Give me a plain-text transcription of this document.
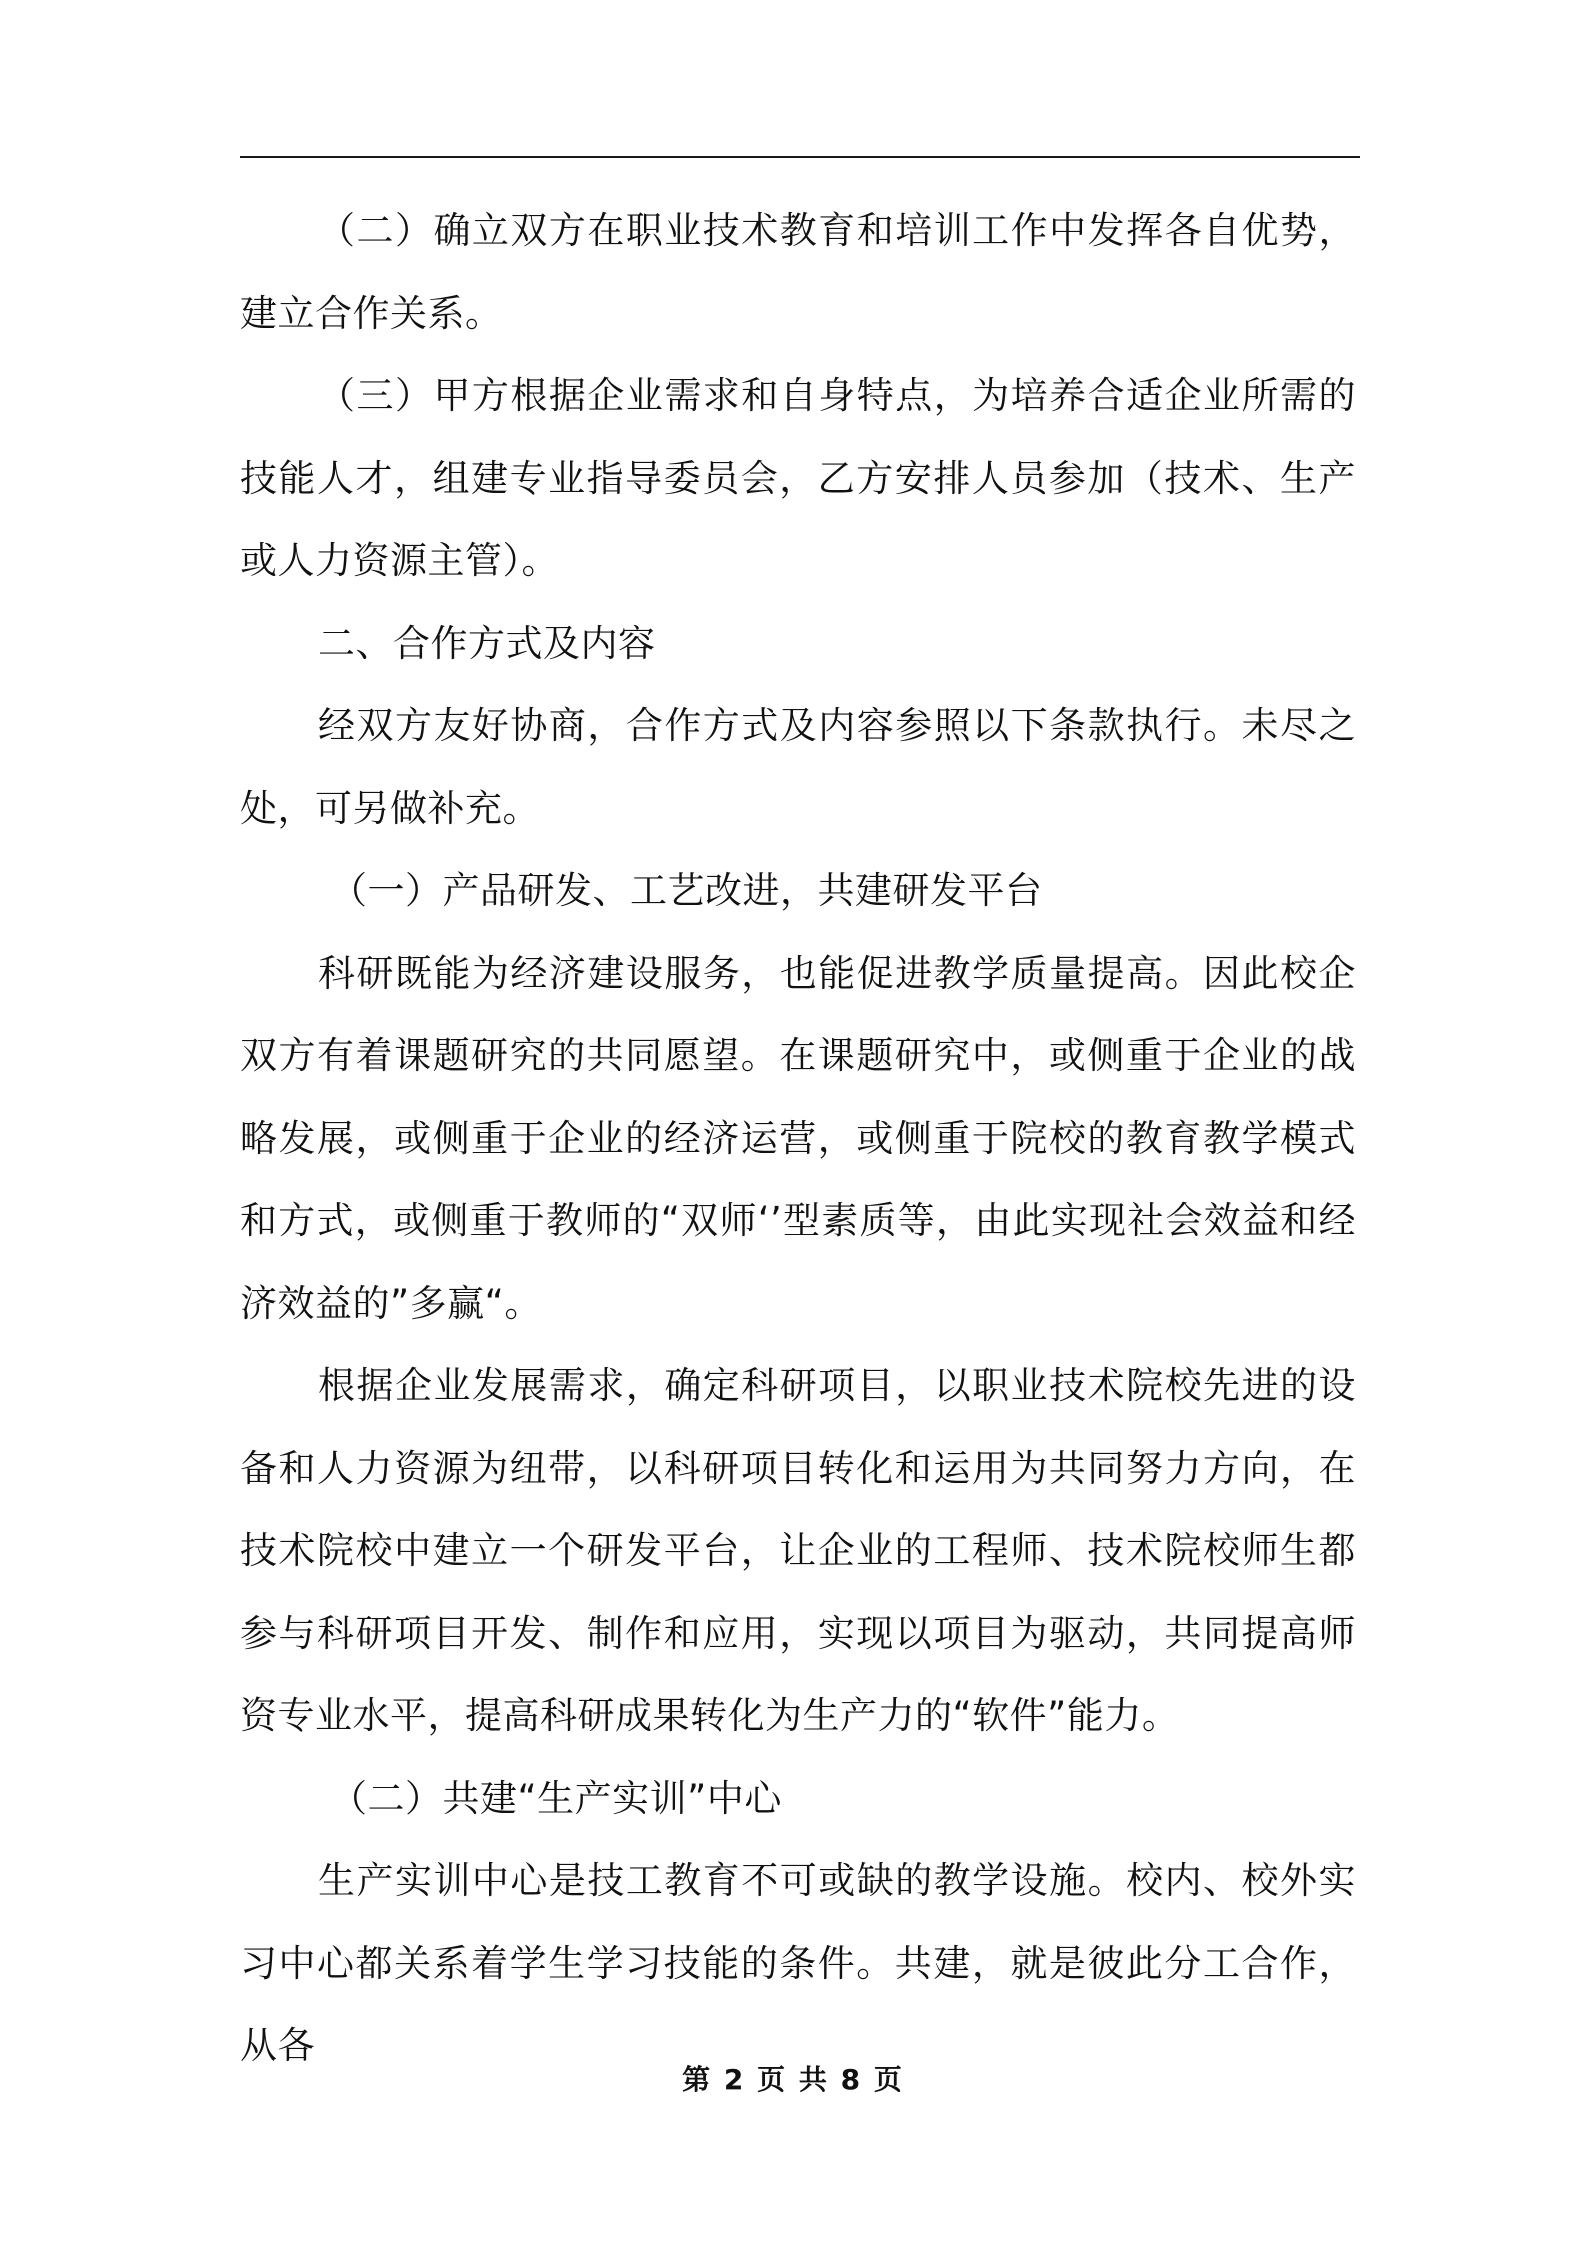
（二）确立双方在职业技术教育和培训工作中发挥各自优势，建立合作关系。

（三）甲方根据企业需求和自身特点，为培养合适企业所需的技能人才，组建专业指导委员会，乙方安排人员参加（技术、生产或人力资源主管）。

二、合作方式及内容

经双方友好协商，合作方式及内容参照以下条款执行。未尽之处，可另做补充。

（一）产品研发、工艺改进，共建研发平台

科研既能为经济建设服务，也能促进教学质量提高。因此校企双方有着课题研究的共同愿望。在课题研究中，或侧重于企业的战略发展，或侧重于企业的经济运营，或侧重于院校的教育教学模式和方式，或侧重于教师的“双师‘’型素质等，由此实现社会效益和经济效益的”多赢“。

根据企业发展需求，确定科研项目，以职业技术院校先进的设备和人力资源为纽带，以科研项目转化和运用为共同努力方向，在技术院校中建立一个研发平台，让企业的工程师、技术院校师生都参与科研项目开发、制作和应用，实现以项目为驱动，共同提高师资专业水平，提高科研成果转化为生产力的“软件”能力。

（二）共建“生产实训”中心

生产实训中心是技工教育不可或缺的教学设施。校内、校外实习中心都关系着学生学习技能的条件。共建，就是彼此分工合作，从各

第 2 页 共 8 页
